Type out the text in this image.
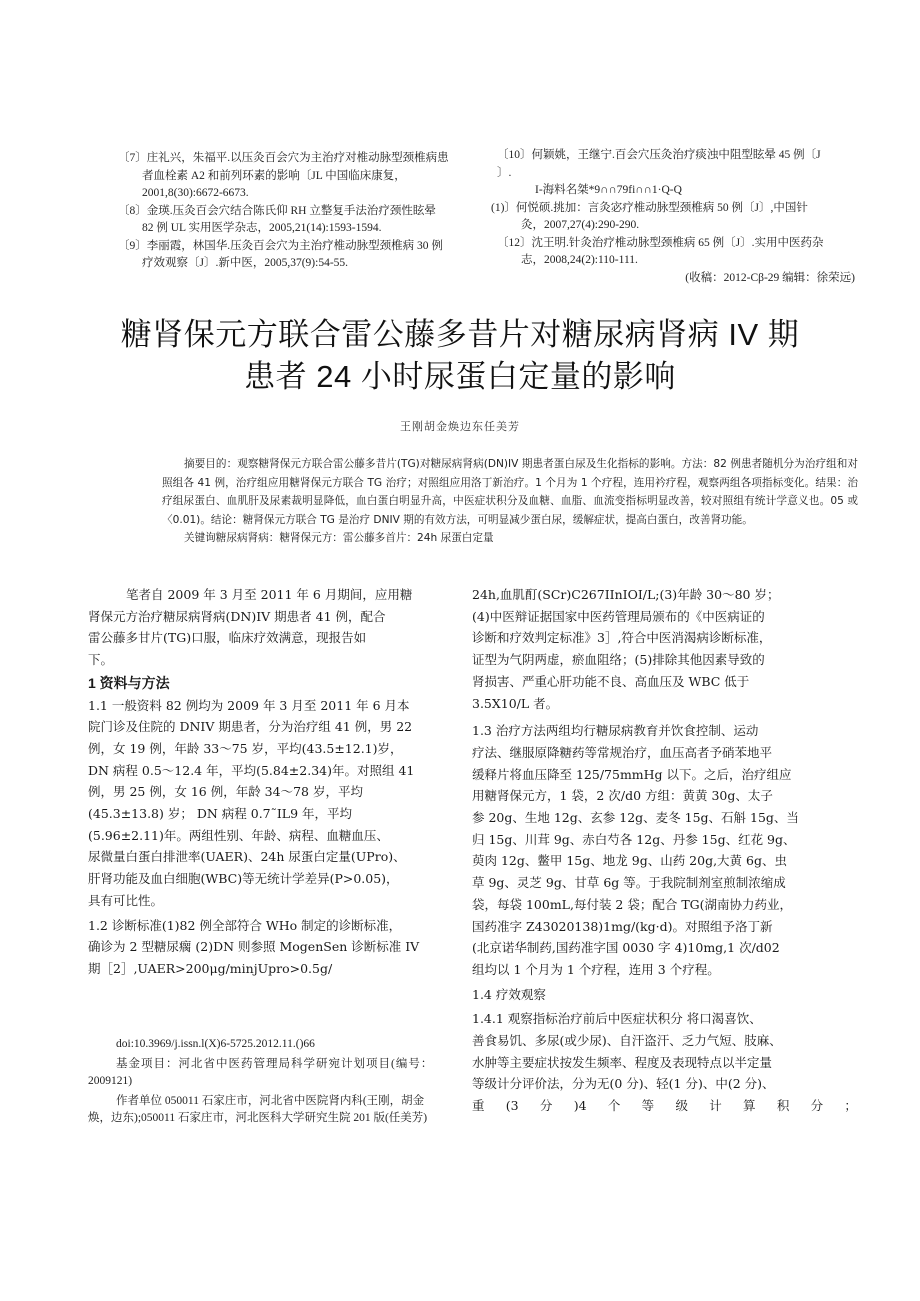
〔7〕庄礼兴，朱福平.以压灸百会穴为主治疗对椎动脉型颈椎病患
者血栓素 A2 和前列环素的影响〔JL 中国临床康复，
2001,8(30):6672-6673.
〔8〕金瑛.压灸百会穴结合陈氏仰 RH 立整复手法治疗颈性眩晕
82 例 UL 实用医学杂志，2005,21(14):1593-1594.
〔9〕李丽霞，林国华.压灸百会穴为主治疗椎动脉型颈椎病 30 例
疗效观察〔J〕.新中医，2005,37(9):54-55.
〔10〕何颖姚，王继宁.百会穴压灸治疗痰浊中阻型眩晕 45 例〔J
〕.
I-海料名桀*9∩∩79fi∩∩1·Q-Q
(1)〕何悦硕.挑加：言灸宓疗椎动脉型颈椎病 50 例〔J〕,中国针
灸，2007,27(4):290-290.
〔12〕沈王明.针灸治疗椎动脉型颈椎病 65 例〔J〕.实用中医药杂
志，2008,24(2):110-111.
(收稿：2012-Cβ-29 编辑：徐荣远)
糖肾保元方联合雷公藤多昔片对糖尿病肾病 IV 期
患者 24 小时尿蛋白定量的影响
王刚胡金焕边东任美芳
摘要目的：观察糖肾保元方联合雷公藤多昔片(TG)对糖尿病肾病(DN)IV 期患者蛋白尿及生化指标的影响。方法：82 例患者随机分为治疗组和对照组各 41 例，治疗组应用糖肾保元方联合 TG 治疗；对照组应用洛丁新治疗。1 个月为 1 个疗程，连用衿疗程，观察两组各项指标变化。结果：治疗组尿蛋白、血肌肝及尿素裁明显降低，血白蛋白明显升高，中医症状积分及血糖、血脂、血流变指标明显改善，较对照组有统计学意义也。05 或〈0.01)。结论：糖肾保元方联合 TG 是治疗 DNIV 期的有效方法，可明显减少蛋白尿，缓解症状，提高白蛋白，改善肾功能。
关键询糖尿病肾病：糖肾保元方：雷公藤多首片：24h 尿蛋白定量
笔者自 2009 年 3 月至 2011 年 6 月期间，应用糖
肾保元方治疗糖尿病肾病(DN)IV 期患者 41 例，配合
雷公藤多甘片(TG)口服，临床疗效满意，现报告如
下。
1 资料与方法
1.1 一般资料 82 例均为 2009 年 3 月至 2011 年 6 月本
院门诊及住院的 DNIV 期患者，分为治疗组 41 例，男 22
例，女 19 例，年龄 33～75 岁，平均(43.5±12.1)岁，
DN 病程 0.5～12.4 年，平均(5.84±2.34)年。对照组 41
例，男 25 例，女 16 例，年龄 34～78 岁，平均
(45.3±13.8) 岁； DN 病程 0.7˜IL9 年，平均
(5.96±2.11)年。两组性别、年龄、病程、血糖血压、
尿微量白蛋白排泄率(UAER)、24h 尿蛋白定量(UPro)、
肝肾功能及血白细胞(WBC)等无统计学差异(P>0.05)，
具有可比性。
1.2 诊断标准(1)82 例全部符合 WHo 制定的诊断标准，
确诊为 2 型糖尿瘸 (2)DN 则参照 MogenSen 诊断标准 IV
期［2］,UAER>200μg/minjUpro>0.5g/
doi:10.3969/j.issn.l(X)6-5725.2012.11.()66
基金项目：河北省中医药管理局科学研宛计划项目(编号：
2009121)
作者单位 050011 石家庄市，河北省中医院肾内科(王刚，胡金
焕，边东);050011 石家庄市，河北医科大学研究生院 201 版(任美芳)
24h,血肌酊(SCr)C267IInIOI/L;(3)年龄 30～80 岁；
(4)中医辩证据国家中医药管理局颁布的《中医病证的
诊断和疗效判定标准》3］,符合中医消渴病诊断标准，
证型为气阴两虚，瘀血阻络；(5)排除其他因素导致的
肾损害、严重心肝功能不良、高血压及 WBC 低于
3.5X10/L 者。
1.3 治疗方法两组均行糖尿病教育并饮食控制、运动
疗法、继服原降糖药等常规治疗，血压高者予硝苯地平
缓释片将血压降至 125/75mmHg 以下。之后，治疗组应
用糖肾保元方，1 袋，2 次/d0 方组：黄黄 30g、太子
参 20g、生地 12g、玄参 12g、麦冬 15g、石斛 15g、当
归 15g、川茸 9g、赤白芍各 12g、丹参 15g、红花 9g、
萸肉 12g、鳖甲 15g、地龙 9g、山药 20g,大黄 6g、虫
草 9g、灵芝 9g、甘草 6g 等。于我院制剂室煎制浓缩成
袋，每袋 100mL,每付装 2 袋；配合 TG(湖南协力药业，
国药准字 Z43020138)1mg/(kg·d)。对照组予洛丁新
(北京诺华制药,国药准字国 0030 字 4)10mg,1 次/d02
组均以 1 个月为 1 个疗程，连用 3 个疗程。
1.4 疗效观察
1.4.1 观察指标治疗前后中医症状积分 将口渴喜饮、
善食易饥、多尿(或少尿)、自汗盗汗、乏力气短、肢麻、
水肿等主要症状按发生频率、程度及表现特点以半定量
等级计分评价法，分为无(0 分)、轻(1 分)、中(2 分)、
重 (3 分 )4 个 等 级 计 算 积 分 ；
